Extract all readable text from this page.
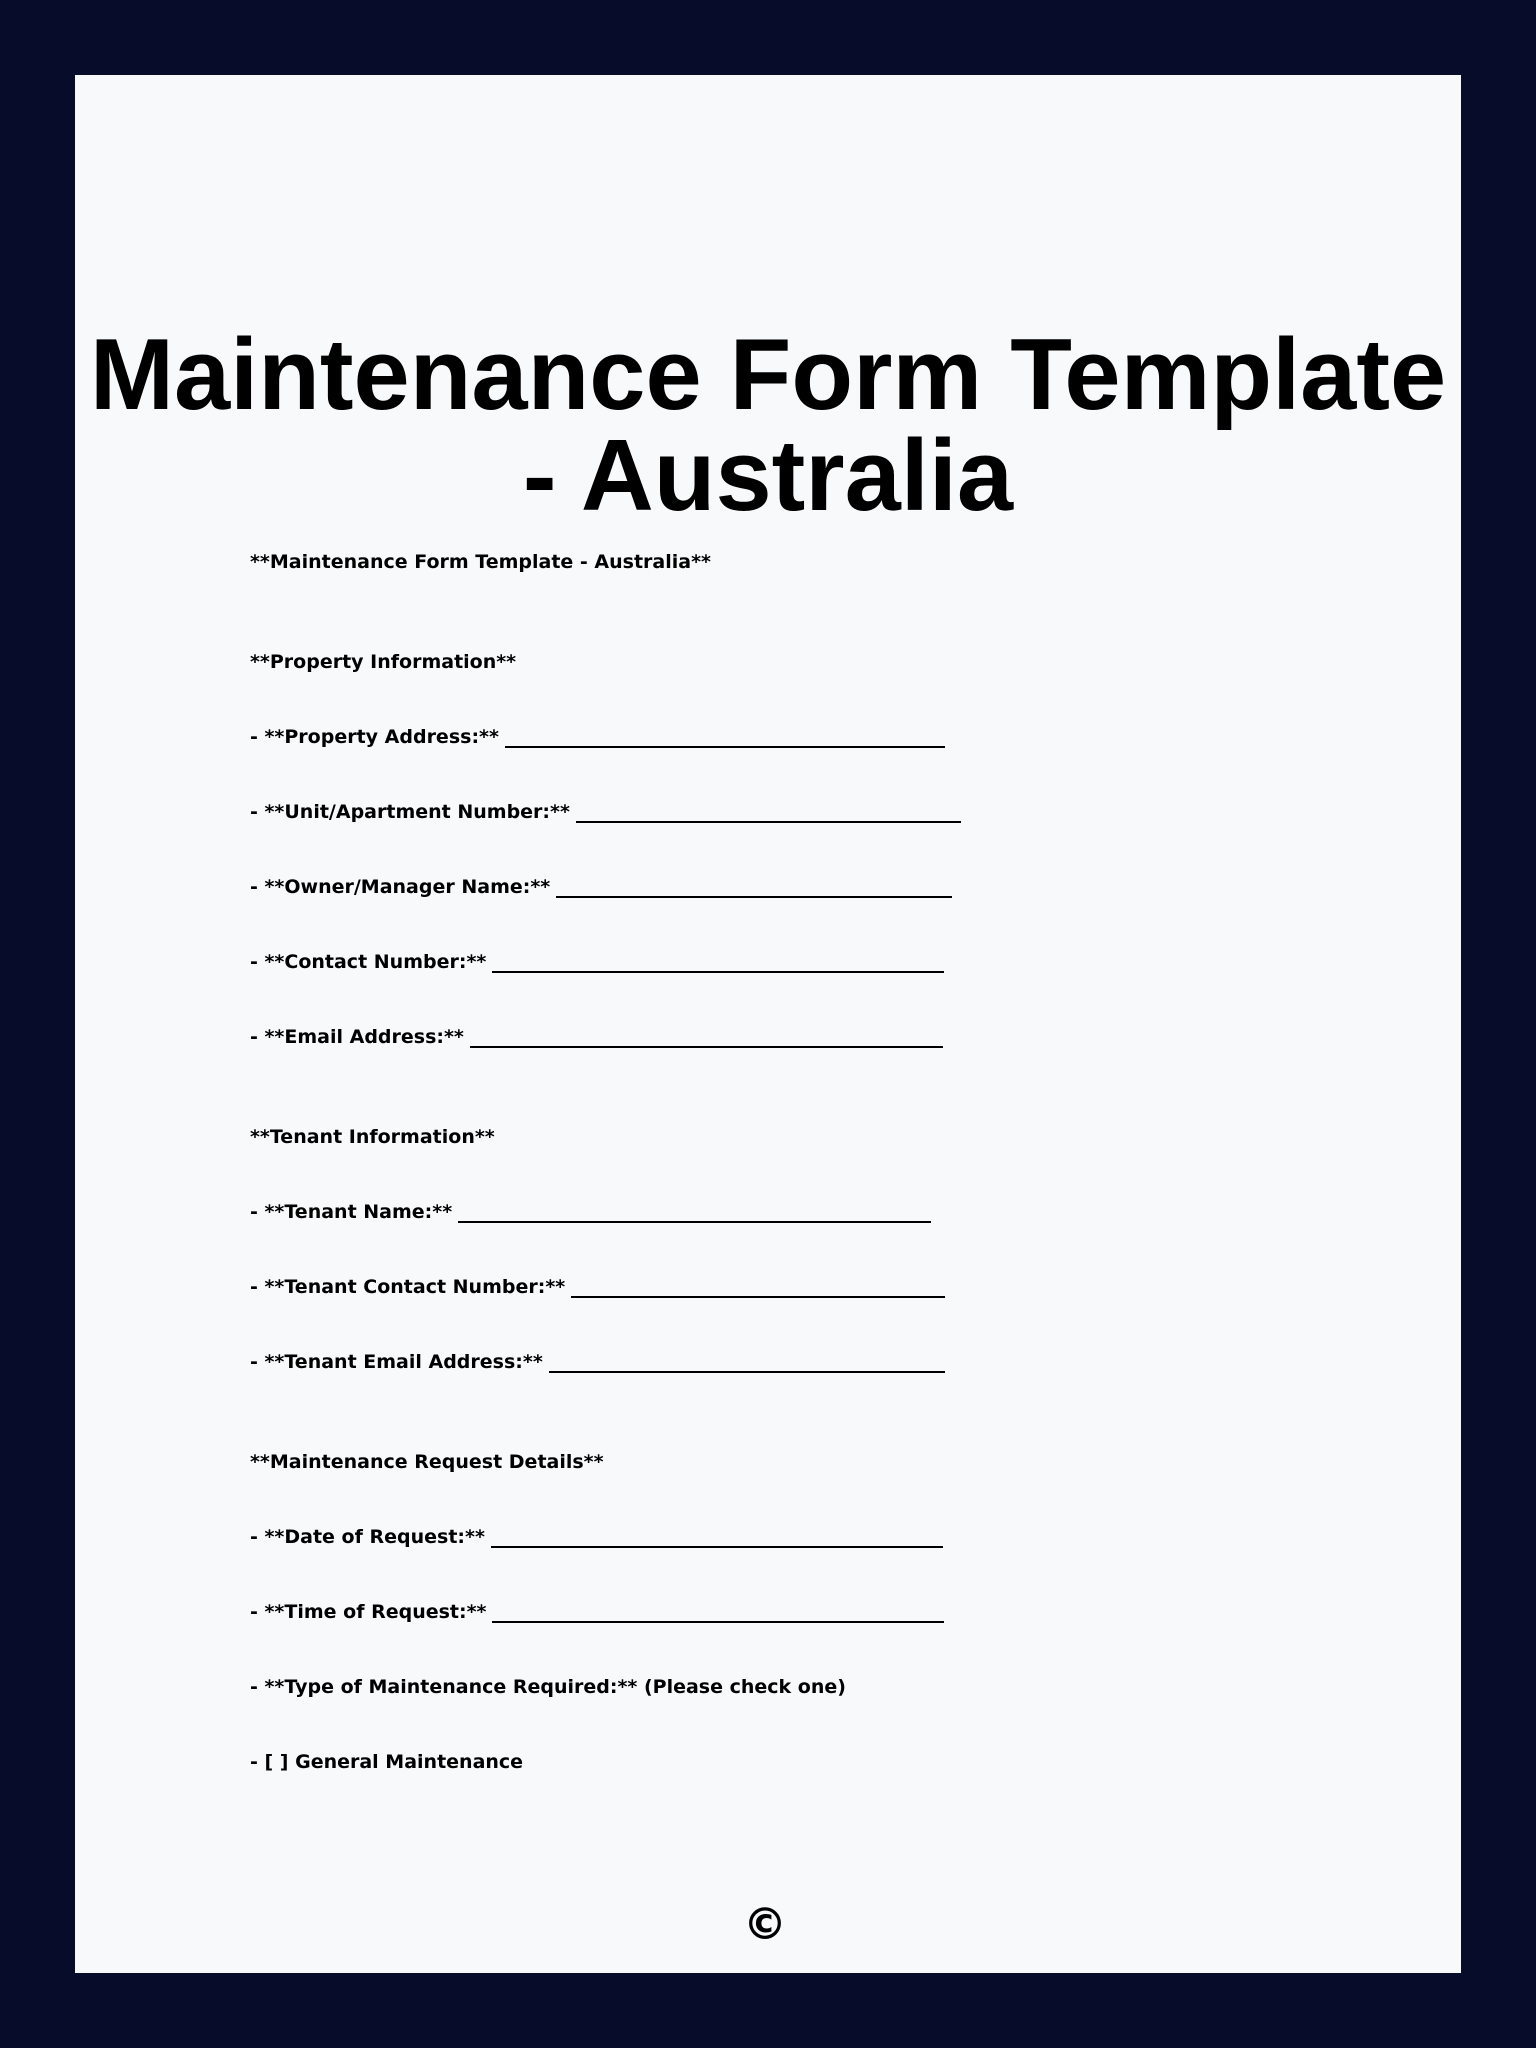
Maintenance Form Template - Australia

**Maintenance Form Template - Australia**

**Property Information**

- **Property Address:**
- **Unit/Apartment Number:**
- **Owner/Manager Name:**
- **Contact Number:**
- **Email Address:**

**Tenant Information**

- **Tenant Name:**
- **Tenant Contact Number:**
- **Tenant Email Address:**

**Maintenance Request Details**

- **Date of Request:**
- **Time of Request:**

- **Type of Maintenance Required:** (Please check one)

- [ ] General Maintenance

©
